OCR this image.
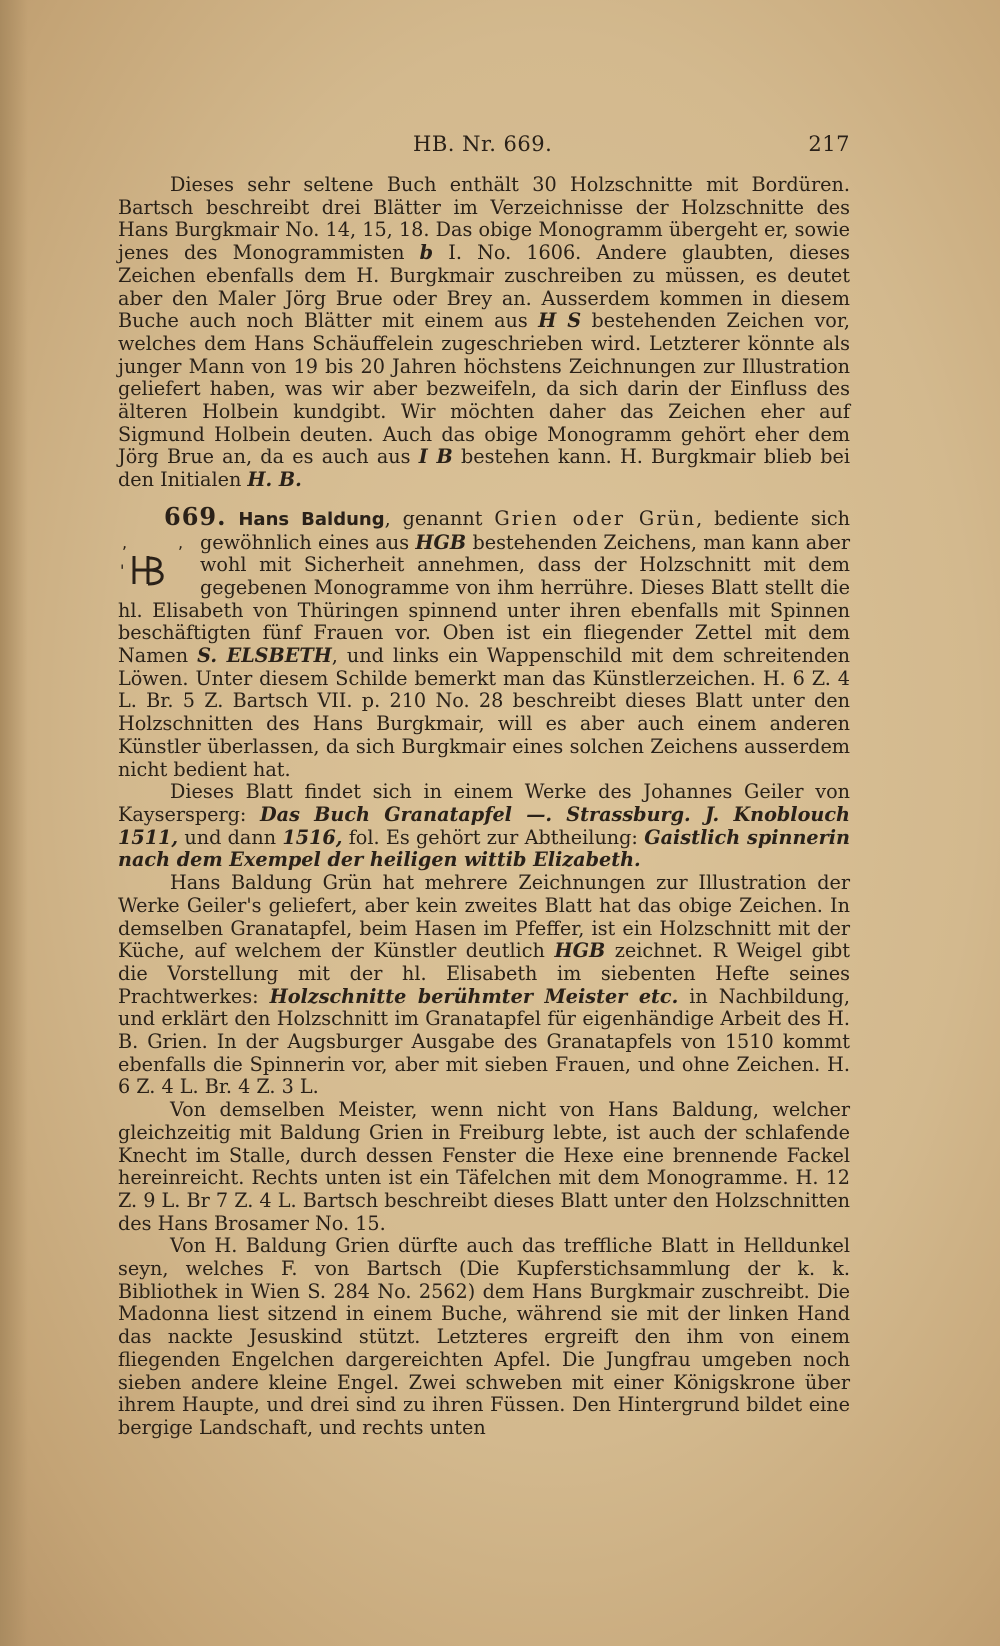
HB. Nr. 669.	217

Dieses sehr seltene Buch enthält 30 Holzschnitte mit Bordüren. Bartsch beschreibt drei Blätter im Verzeichnisse der Holzschnitte des Hans Burgkmair No. 14, 15, 18. Das obige Monogramm übergeht er, sowie jenes des Monogrammisten b I. No. 1606. Andere glaubten, dieses Zeichen ebenfalls dem H. Burgkmair zuschreiben zu müssen, es deutet aber den Maler Jörg Brue oder Brey an. Ausserdem kommen in diesem Buche auch noch Blätter mit einem aus H S bestehenden Zeichen vor, welches dem Hans Schäuffelein zugeschrieben wird. Letzterer könnte als junger Mann von 19 bis 20 Jahren höchstens Zeichnungen zur Illustration geliefert haben, was wir aber bezweifeln, da sich darin der Einfluss des älteren Holbein kundgibt. Wir möchten daher das Zeichen eher auf Sigmund Holbein deuten. Auch das obige Monogramm gehört eher dem Jörg Brue an, da es auch aus I B bestehen kann. H. Burgkmair blieb bei den Initialen H. B.

669. Hans Baldung, genannt Grien oder Grün, bediente sich gewöhnlich eines aus
,	,
'
HGB bestehenden Zeichens, man kann aber wohl mit Sicherheit annehmen, dass der Holzschnitt mit dem gegebenen Monogramme von ihm herrühre. Dieses Blatt stellt die hl. Elisabeth von Thüringen spinnend unter ihren ebenfalls mit Spinnen beschäftigten fünf Frauen vor. Oben ist ein fliegender Zettel mit dem Namen S. ELSBETH, und links ein Wappenschild mit dem schreitenden Löwen. Unter diesem Schilde bemerkt man das Künstlerzeichen. H. 6 Z. 4 L. Br. 5 Z. Bartsch VII. p. 210 No. 28 beschreibt dieses Blatt unter den Holzschnitten des Hans Burgkmair, will es aber auch einem anderen Künstler überlassen, da sich Burgkmair eines solchen Zeichens ausserdem nicht bedient hat.

Dieses Blatt findet sich in einem Werke des Johannes Geiler von Kaysersperg: Das Buch Granatapfel —. Strassburg. J. Knoblouch 1511, und dann 1516, fol. Es gehört zur Abtheilung: Gaistlich spinnerin nach dem Exempel der heiligen wittib Elizabeth.

Hans Baldung Grün hat mehrere Zeichnungen zur Illustration der Werke Geiler's geliefert, aber kein zweites Blatt hat das obige Zeichen. In demselben Granatapfel, beim Hasen im Pfeffer, ist ein Holzschnitt mit der Küche, auf welchem der Künstler deutlich HGB zeichnet. R Weigel gibt die Vorstellung mit der hl. Elisabeth im siebenten Hefte seines Prachtwerkes: Holzschnitte berühmter Meister etc. in Nachbildung, und erklärt den Holzschnitt im Granatapfel für eigenhändige Arbeit des H. B. Grien. In der Augsburger Ausgabe des Granatapfels von 1510 kommt ebenfalls die Spinnerin vor, aber mit sieben Frauen, und ohne Zeichen. H. 6 Z. 4 L. Br. 4 Z. 3 L.

Von demselben Meister, wenn nicht von Hans Baldung, welcher gleichzeitig mit Baldung Grien in Freiburg lebte, ist auch der schlafende Knecht im Stalle, durch dessen Fenster die Hexe eine brennende Fackel hereinreicht. Rechts unten ist ein Täfelchen mit dem Monogramme. H. 12 Z. 9 L. Br 7 Z. 4 L. Bartsch beschreibt dieses Blatt unter den Holzschnitten des Hans Brosamer No. 15.

Von H. Baldung Grien dürfte auch das treffliche Blatt in Helldunkel seyn, welches F. von Bartsch (Die Kupferstichsammlung der k. k. Bibliothek in Wien S. 284 No. 2562) dem Hans Burgkmair zuschreibt. Die Madonna liest sitzend in einem Buche, während sie mit der linken Hand das nackte Jesuskind stützt. Letzteres ergreift den ihm von einem fliegenden Engelchen dargereichten Apfel. Die Jungfrau umgeben noch sieben andere kleine Engel. Zwei schweben mit einer Königskrone über ihrem Haupte, und drei sind zu ihren Füssen. Den Hintergrund bildet eine bergige Landschaft, und rechts unten
